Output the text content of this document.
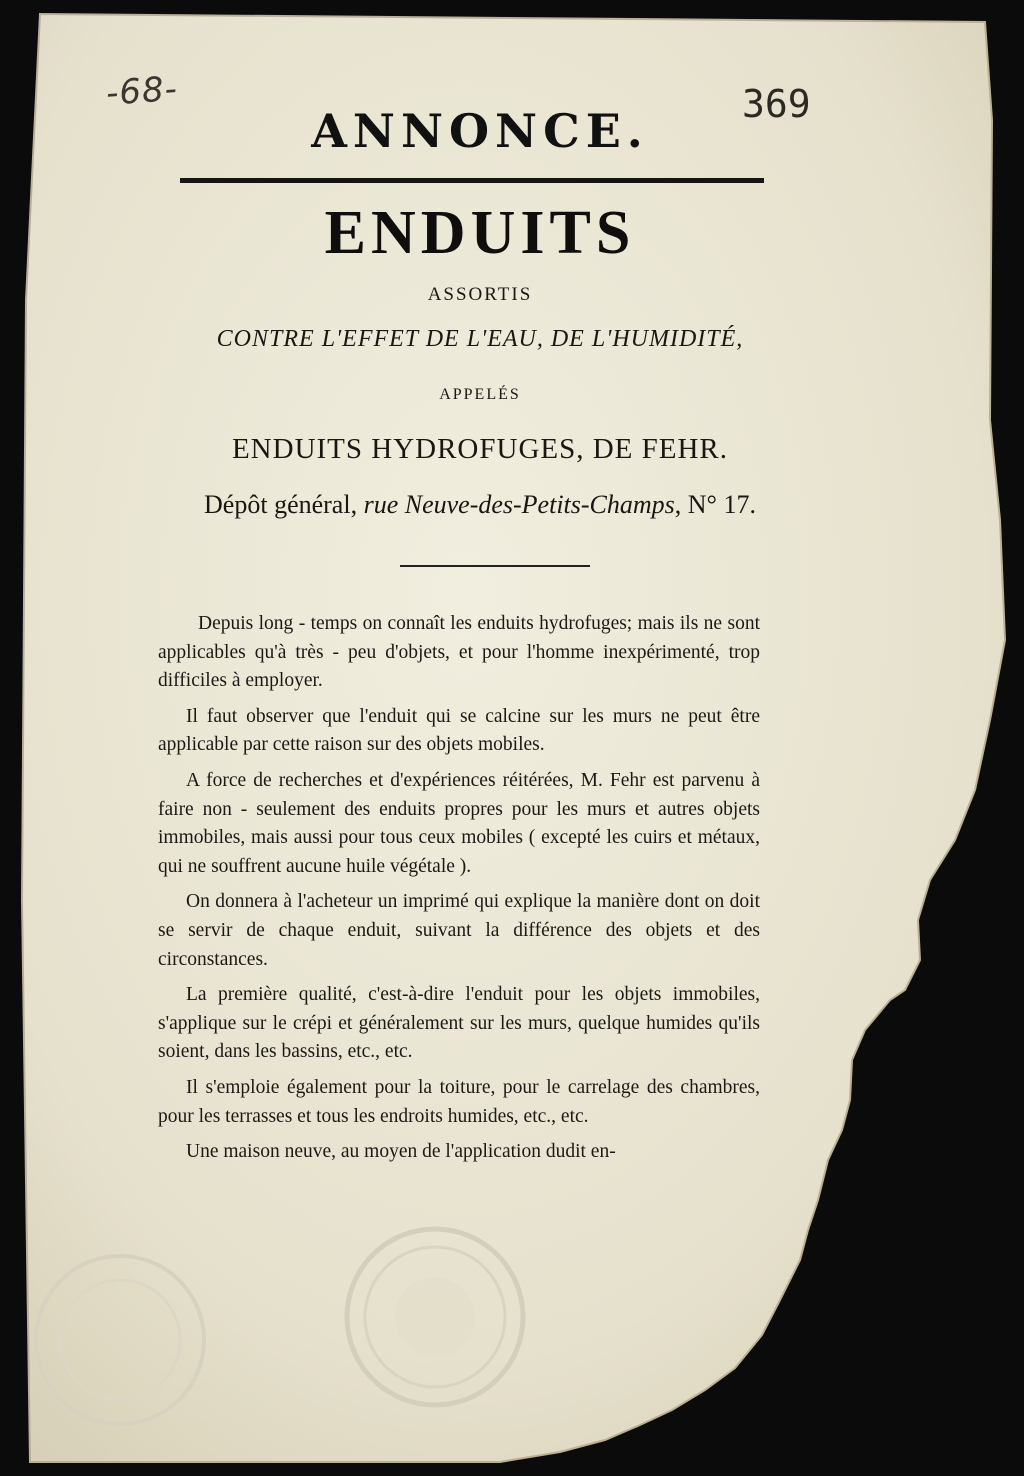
-68-	369
ANNONCE.
ENDUITS
ASSORTIS
CONTRE L'EFFET DE L'EAU, DE L'HUMIDITÉ,
APPELÉS
ENDUITS HYDROFUGES, DE FEHR.
Dépôt général, rue Neuve-des-Petits-Champs, N° 17.

Depuis long - temps on connaît les enduits hydrofuges; mais ils ne sont applicables qu'à très - peu d'objets, et pour l'homme inexpérimenté, trop difficiles à employer.

Il faut observer que l'enduit qui se calcine sur les murs ne peut être applicable par cette raison sur des objets mobiles.

A force de recherches et d'expériences réitérées, M. Fehr est parvenu à faire non - seulement des enduits propres pour les murs et autres objets immobiles, mais aussi pour tous ceux mobiles ( excepté les cuirs et métaux, qui ne souffrent aucune huile végétale ).

On donnera à l'acheteur un imprimé qui explique la manière dont on doit se servir de chaque enduit, suivant la différence des objets et des circonstances.

La première qualité, c'est-à-dire l'enduit pour les objets immobiles, s'applique sur le crépi et généralement sur les murs, quelque humides qu'ils soient, dans les bassins, etc., etc.

Il s'emploie également pour la toiture, pour le carrelage des chambres, pour les terrasses et tous les endroits humides, etc., etc.

Une maison neuve, au moyen de l'application dudit en-
